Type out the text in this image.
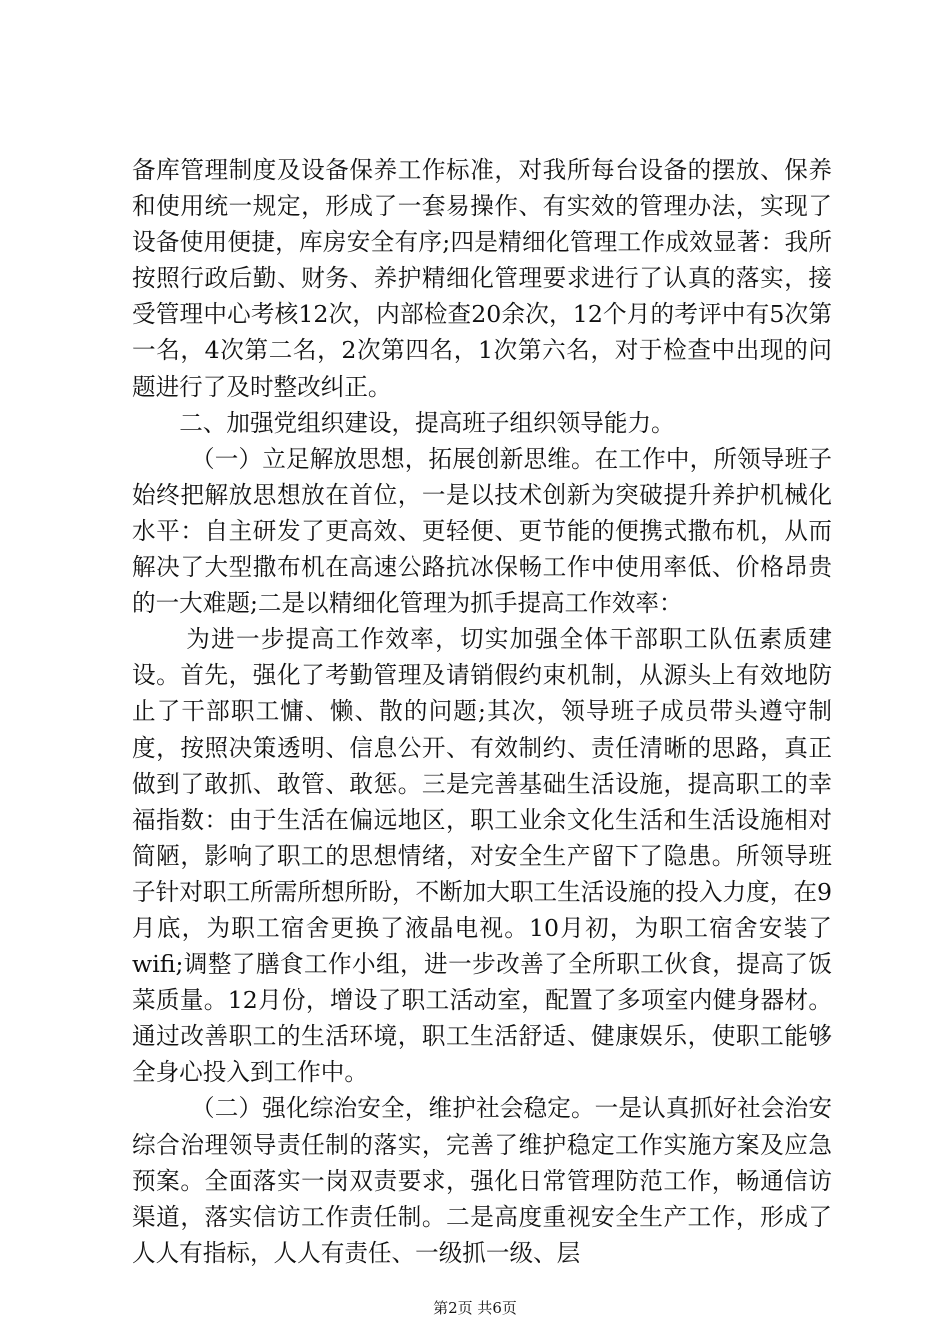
备库管理制度及设备保养工作标准，对我所每台设备的摆放、保养和使用统一规定，形成了一套易操作、有实效的管理办法，实现了设备使用便捷，库房安全有序;四是精细化管理工作成效显著：我所按照行政后勤、财务、养护精细化管理要求进行了认真的落实，接受管理中心考核12次，内部检查20余次，12个月的考评中有5次第一名，4次第二名，2次第四名，1次第六名，对于检查中出现的问题进行了及时整改纠正。

二、加强党组织建设，提高班子组织领导能力。

（一）立足解放思想，拓展创新思维。在工作中，所领导班子始终把解放思想放在首位，一是以技术创新为突破提升养护机械化水平：自主研发了更高效、更轻便、更节能的便携式撒布机，从而解决了大型撒布机在高速公路抗冰保畅工作中使用率低、价格昂贵的一大难题;二是以精细化管理为抓手提高工作效率：

为进一步提高工作效率，切实加强全体干部职工队伍素质建设。首先，强化了考勤管理及请销假约束机制，从源头上有效地防止了干部职工慵、懒、散的问题;其次，领导班子成员带头遵守制度，按照决策透明、信息公开、有效制约、责任清晰的思路，真正做到了敢抓、敢管、敢惩。三是完善基础生活设施，提高职工的幸福指数：由于生活在偏远地区，职工业余文化生活和生活设施相对简陋，影响了职工的思想情绪，对安全生产留下了隐患。所领导班子针对职工所需所想所盼，不断加大职工生活设施的投入力度，在9月底，为职工宿舍更换了液晶电视。10月初，为职工宿舍安装了wifi;调整了膳食工作小组，进一步改善了全所职工伙食，提高了饭菜质量。12月份，增设了职工活动室，配置了多项室内健身器材。通过改善职工的生活环境，职工生活舒适、健康娱乐，使职工能够全身心投入到工作中。

（二）强化综治安全，维护社会稳定。一是认真抓好社会治安综合治理领导责任制的落实，完善了维护稳定工作实施方案及应急预案。全面落实一岗双责要求，强化日常管理防范工作，畅通信访渠道，落实信访工作责任制。二是高度重视安全生产工作，形成了人人有指标，人人有责任、一级抓一级、层

第2页 共6页
